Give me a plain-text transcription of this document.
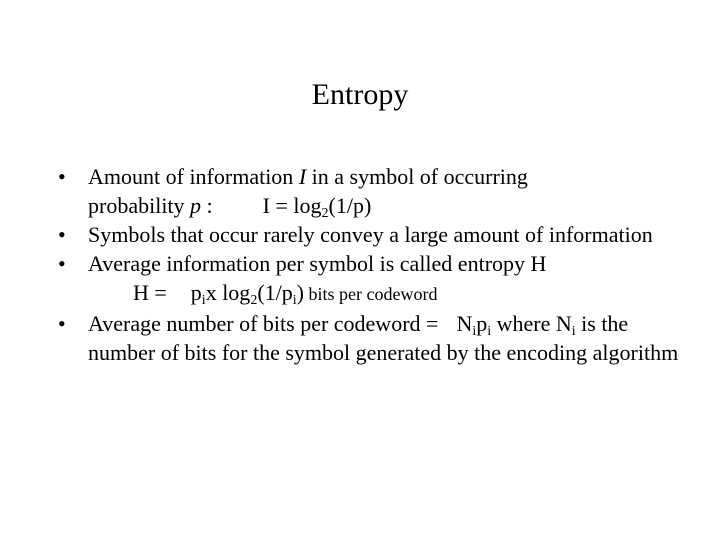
Entropy
• Amount of information I in a symbol of occurring
probability p : $I = \log_2(1/p)$
• Symbols that occur rarely convey a large amount of information
• Average information per symbol is called entropy H
$H = p_ix$ $\log_2(1/p_i)$ bits per codeword
• Average number of bits per codeword = $N_ip_i$ where $N_i$ is the number of bits for the symbol generated by the encoding algorithm
